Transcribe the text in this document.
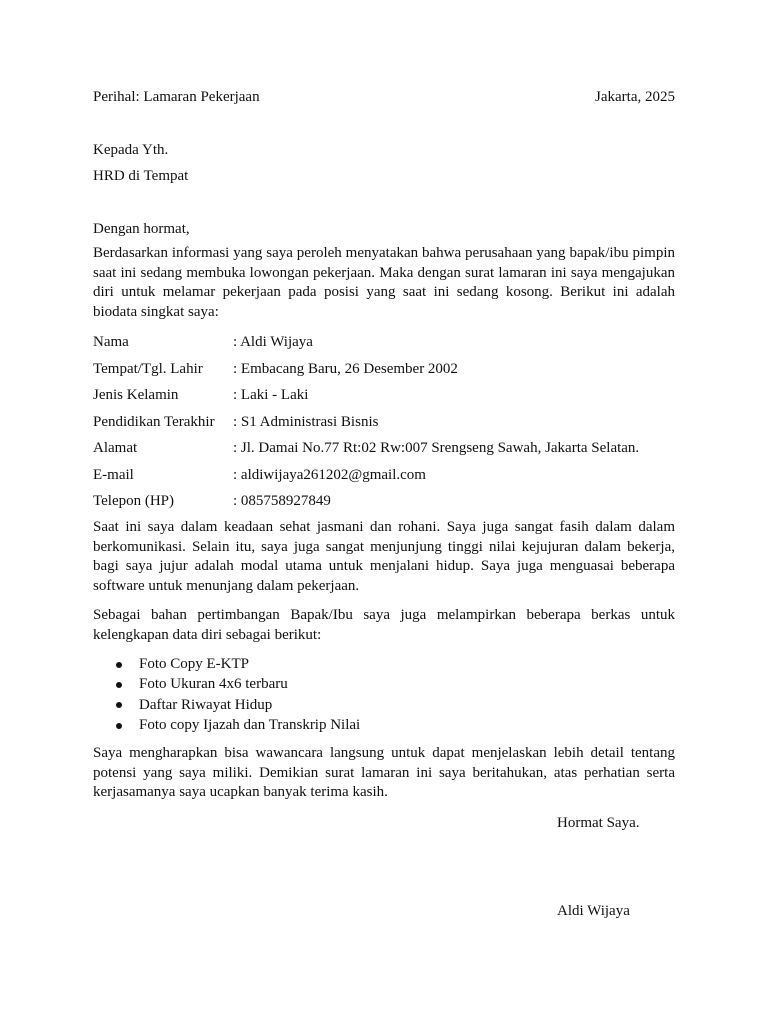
Perihal: Lamaran Pekerjaan	Jakarta, 2025
Kepada Yth.
HRD di Tempat
Dengan hormat,
Berdasarkan informasi yang saya peroleh menyatakan bahwa perusahaan yang bapak/ibu pimpin saat ini sedang membuka lowongan pekerjaan. Maka dengan surat lamaran ini saya mengajukan diri untuk melamar pekerjaan pada posisi yang saat ini sedang kosong. Berikut ini adalah biodata singkat saya:
Nama	: Aldi Wijaya
Tempat/Tgl. Lahir	: Embacang Baru, 26 Desember 2002
Jenis Kelamin	: Laki - Laki
Pendidikan Terakhir	: S1 Administrasi Bisnis
Alamat	: Jl. Damai No.77 Rt:02 Rw:007 Srengseng Sawah, Jakarta Selatan.
E-mail	: aldiwijaya261202@gmail.com
Telepon (HP)	: 085758927849
Saat ini saya dalam keadaan sehat jasmani dan rohani. Saya juga sangat fasih dalam dalam berkomunikasi. Selain itu, saya juga sangat menjunjung tinggi nilai kejujuran dalam bekerja, bagi saya jujur adalah modal utama untuk menjalani hidup. Saya juga menguasai beberapa software untuk menunjang dalam pekerjaan.
Sebagai bahan pertimbangan Bapak/Ibu saya juga melampirkan beberapa berkas untuk kelengkapan data diri sebagai berikut:
Foto Copy E-KTP
Foto Ukuran 4x6 terbaru
Daftar Riwayat Hidup
Foto copy Ijazah dan Transkrip Nilai
Saya mengharapkan bisa wawancara langsung untuk dapat menjelaskan lebih detail tentang potensi yang saya miliki. Demikian surat lamaran ini saya beritahukan, atas perhatian serta kerjasamanya saya ucapkan banyak terima kasih.
Hormat Saya.
Aldi Wijaya
